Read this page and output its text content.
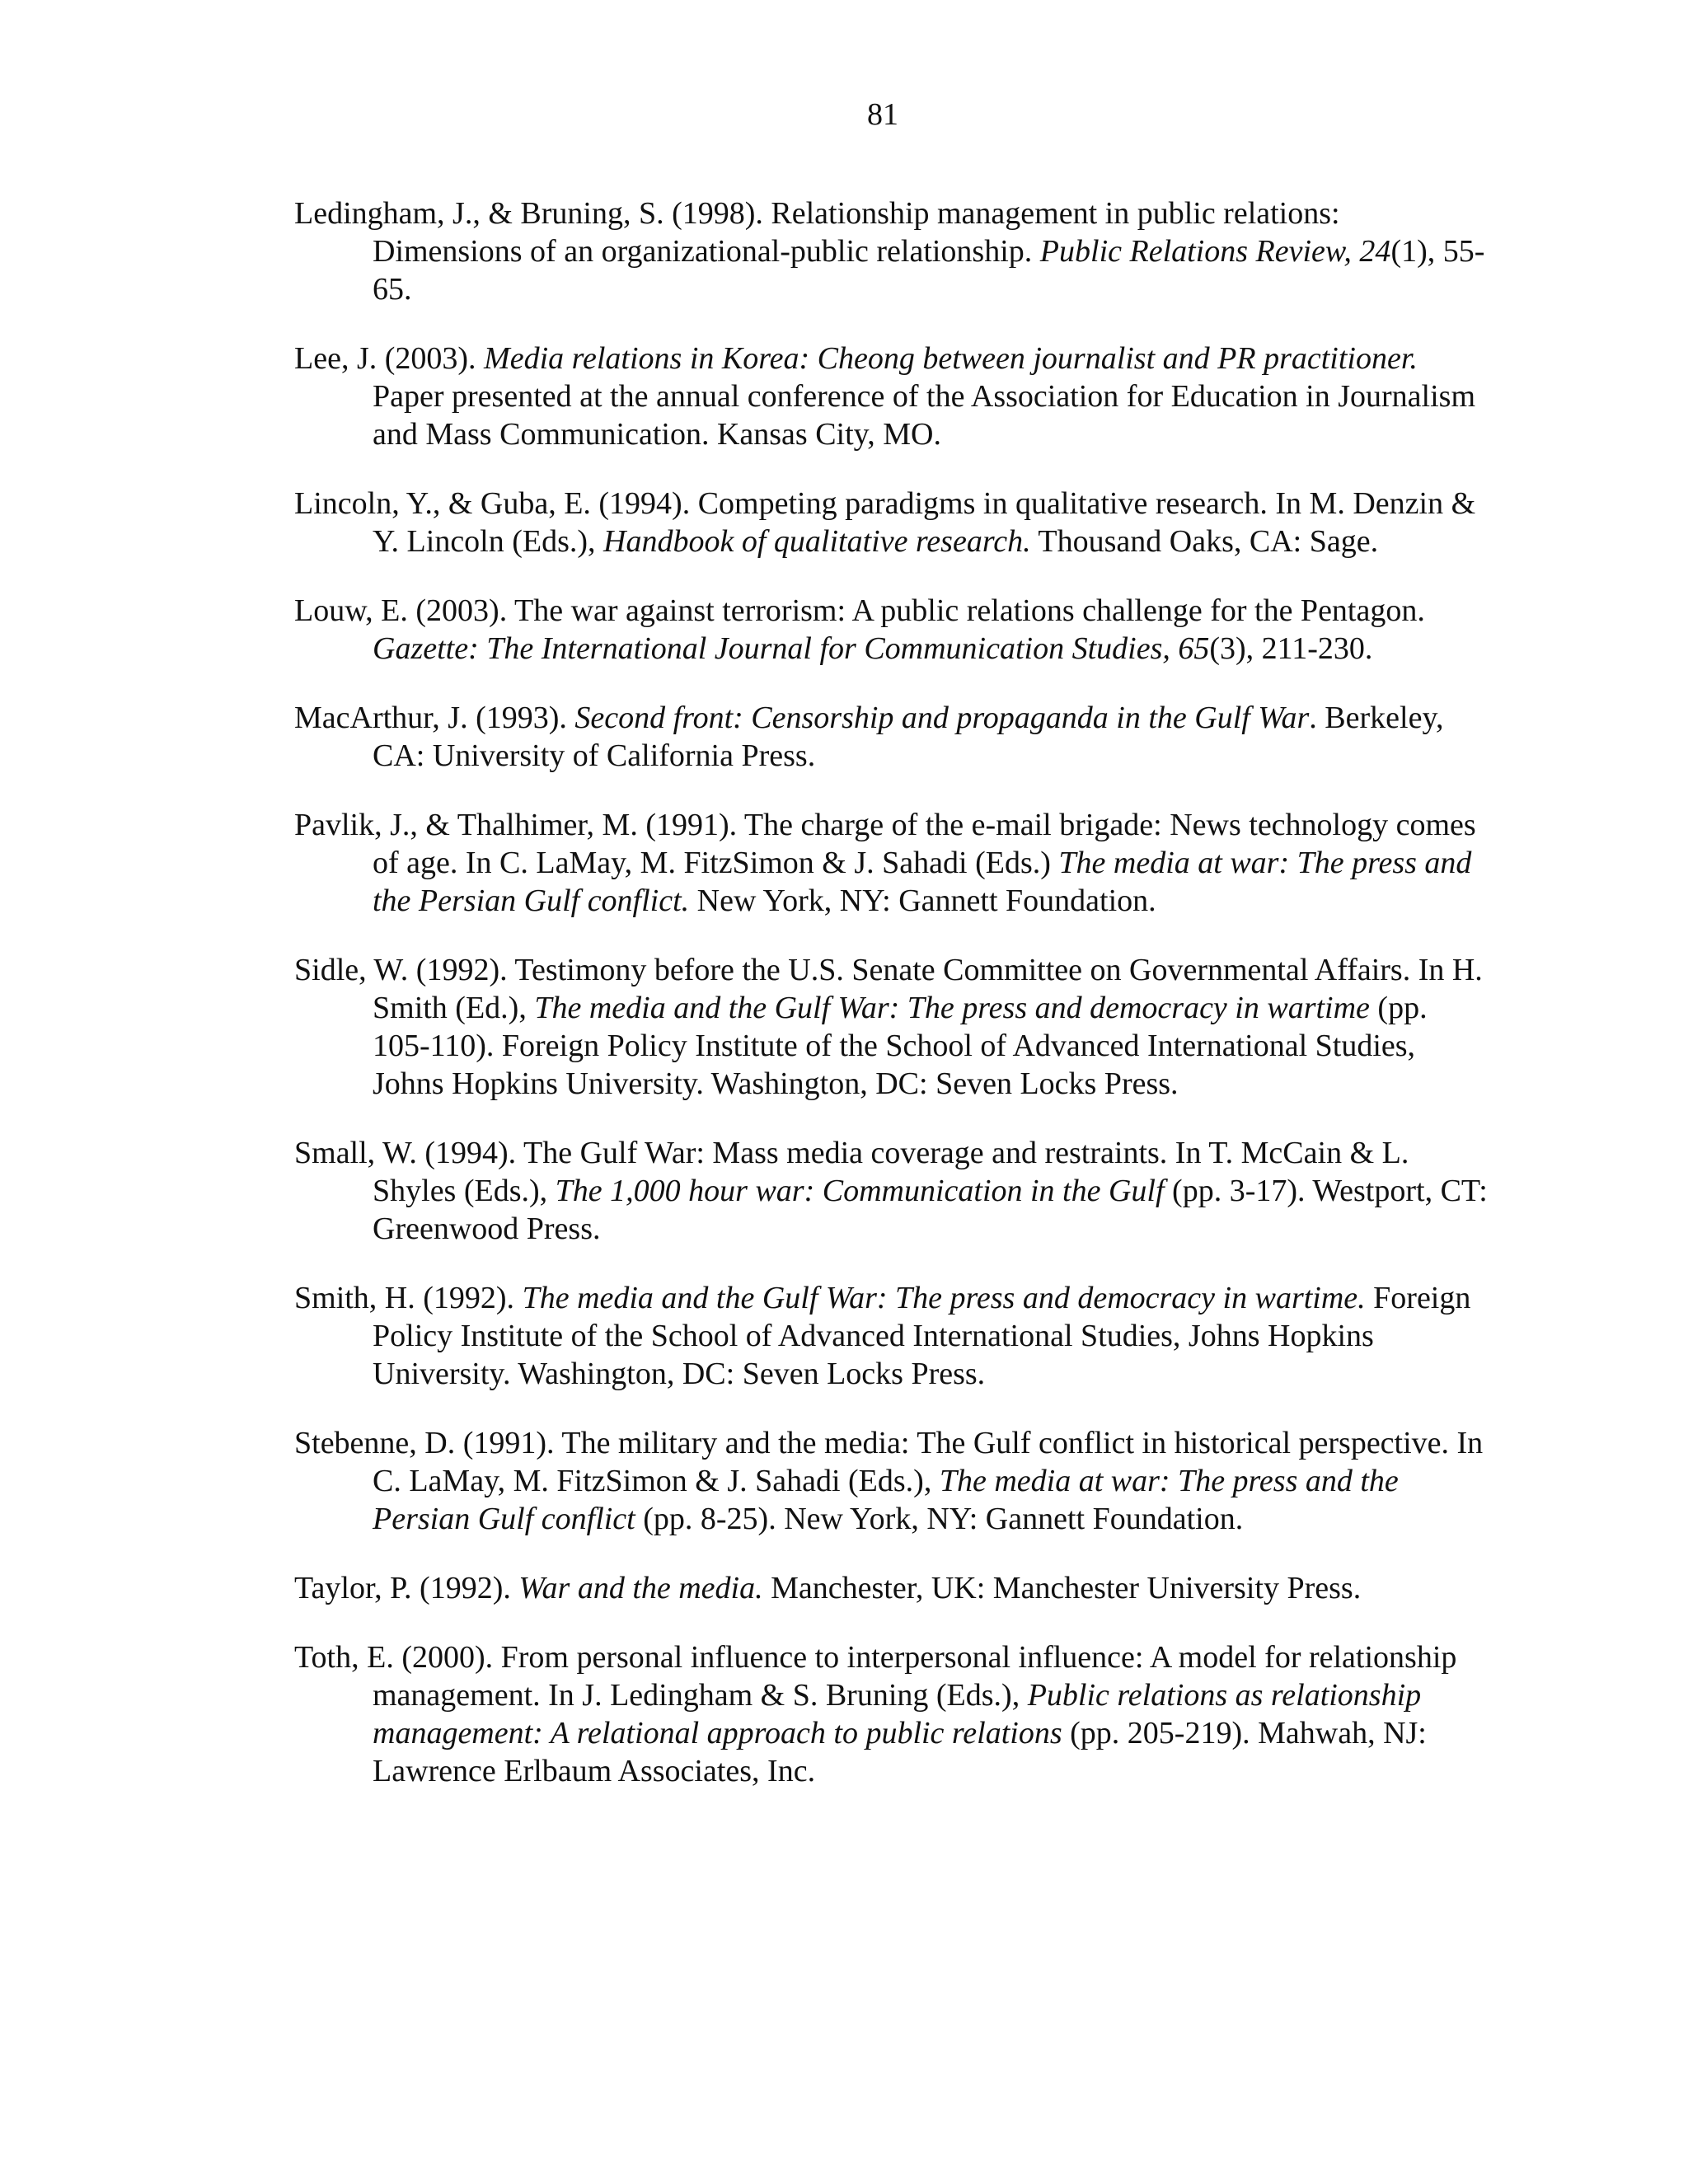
81

Ledingham, J., & Bruning, S. (1998). Relationship management in public relations: Dimensions of an organizational-public relationship. Public Relations Review, 24(1), 55-65.

Lee, J. (2003). Media relations in Korea: Cheong between journalist and PR practitioner. Paper presented at the annual conference of the Association for Education in Journalism and Mass Communication. Kansas City, MO.

Lincoln, Y., & Guba, E. (1994). Competing paradigms in qualitative research. In M. Denzin & Y. Lincoln (Eds.), Handbook of qualitative research. Thousand Oaks, CA: Sage.

Louw, E. (2003). The war against terrorism: A public relations challenge for the Pentagon. Gazette: The International Journal for Communication Studies, 65(3), 211-230.

MacArthur, J. (1993). Second front: Censorship and propaganda in the Gulf War. Berkeley, CA: University of California Press.

Pavlik, J., & Thalhimer, M. (1991). The charge of the e-mail brigade: News technology comes of age. In C. LaMay, M. FitzSimon & J. Sahadi (Eds.) The media at war: The press and the Persian Gulf conflict. New York, NY: Gannett Foundation.

Sidle, W. (1992). Testimony before the U.S. Senate Committee on Governmental Affairs. In H. Smith (Ed.), The media and the Gulf War: The press and democracy in wartime (pp. 105-110). Foreign Policy Institute of the School of Advanced International Studies, Johns Hopkins University. Washington, DC: Seven Locks Press.

Small, W. (1994). The Gulf War: Mass media coverage and restraints. In T. McCain & L. Shyles (Eds.), The 1,000 hour war: Communication in the Gulf (pp. 3-17). Westport, CT: Greenwood Press.

Smith, H. (1992). The media and the Gulf War: The press and democracy in wartime. Foreign Policy Institute of the School of Advanced International Studies, Johns Hopkins University. Washington, DC: Seven Locks Press.

Stebenne, D. (1991). The military and the media: The Gulf conflict in historical perspective. In C. LaMay, M. FitzSimon & J. Sahadi (Eds.), The media at war: The press and the Persian Gulf conflict (pp. 8-25). New York, NY: Gannett Foundation.

Taylor, P. (1992). War and the media. Manchester, UK: Manchester University Press.

Toth, E. (2000). From personal influence to interpersonal influence: A model for relationship management. In J. Ledingham & S. Bruning (Eds.), Public relations as relationship management: A relational approach to public relations (pp. 205-219). Mahwah, NJ: Lawrence Erlbaum Associates, Inc.
